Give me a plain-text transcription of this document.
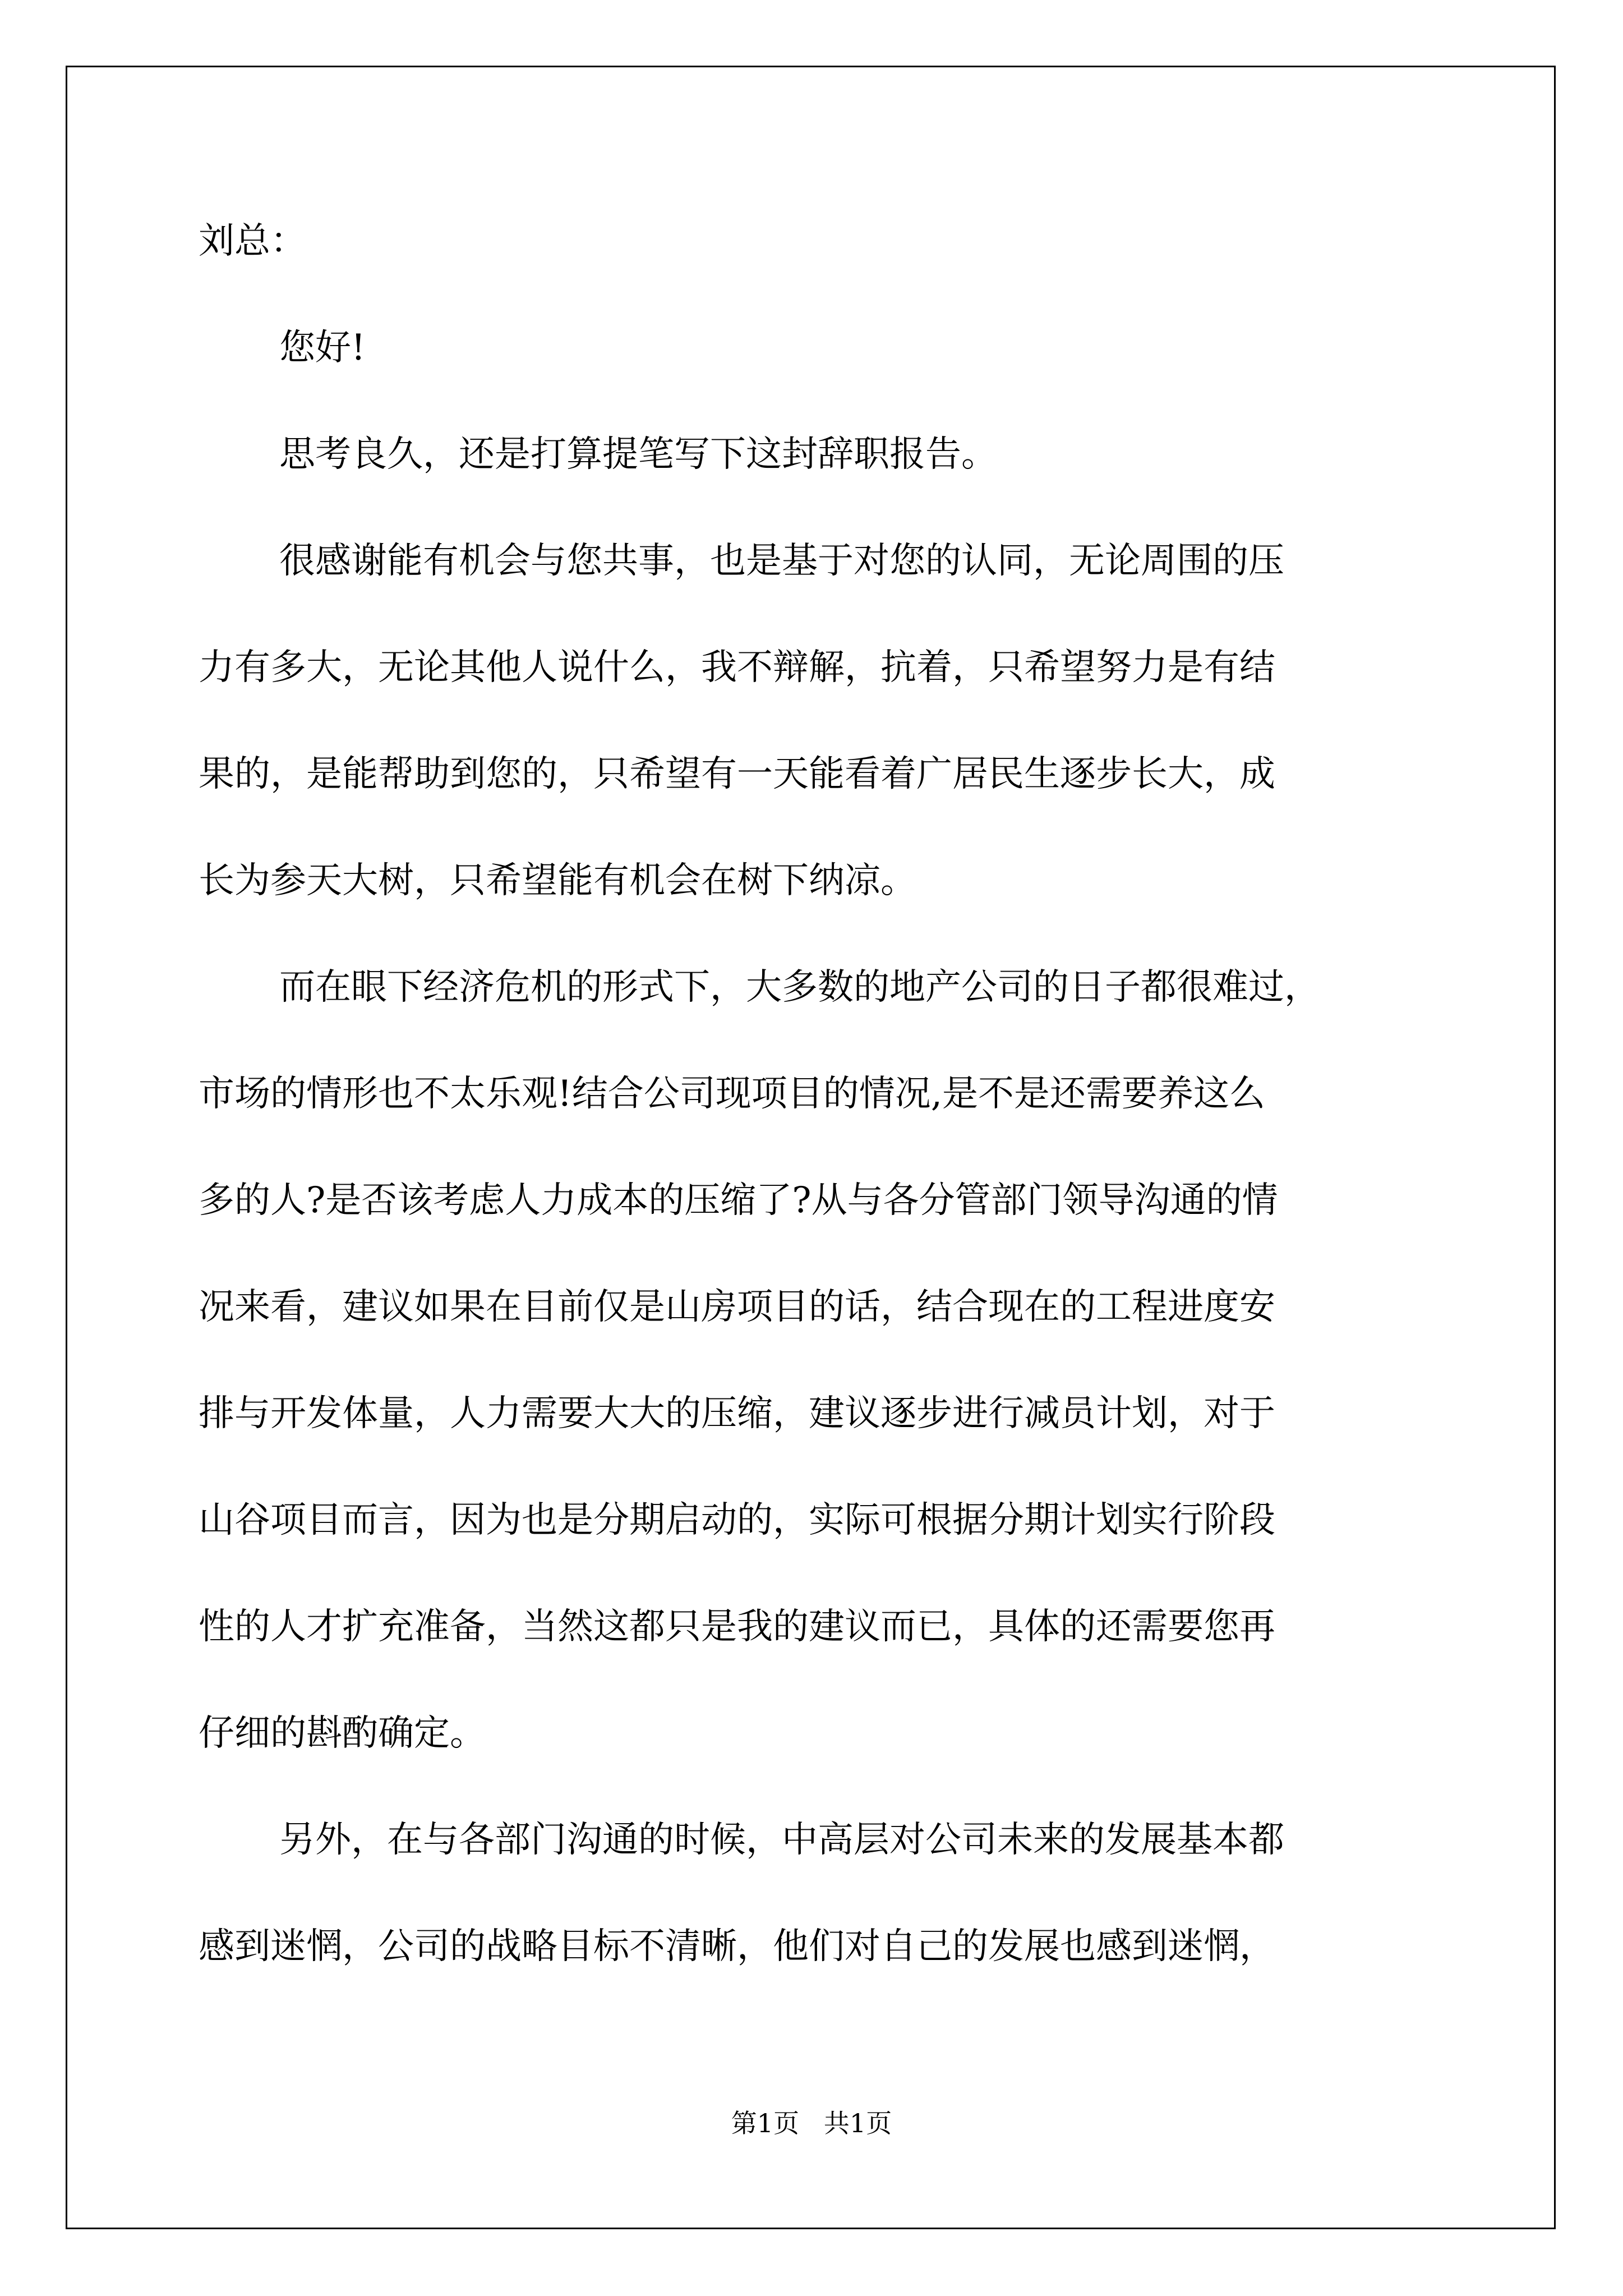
刘总：

您好!

思考良久，还是打算提笔写下这封辞职报告。

很感谢能有机会与您共事，也是基于对您的认同，无论周围的压

力有多大，无论其他人说什么，我不辩解，抗着，只希望努力是有结

果的，是能帮助到您的，只希望有一天能看着广居民生逐步长大，成

长为参天大树，只希望能有机会在树下纳凉。

而在眼下经济危机的形式下，大多数的地产公司的日子都很难过，

市场的情形也不太乐观!结合公司现项目的情况,是不是还需要养这么

多的人?是否该考虑人力成本的压缩了?从与各分管部门领导沟通的情

况来看，建议如果在目前仅是山房项目的话，结合现在的工程进度安

排与开发体量，人力需要大大的压缩，建议逐步进行减员计划，对于

山谷项目而言，因为也是分期启动的，实际可根据分期计划实行阶段

性的人才扩充准备，当然这都只是我的建议而已，具体的还需要您再

仔细的斟酌确定。

另外，在与各部门沟通的时候，中高层对公司未来的发展基本都

感到迷惘，公司的战略目标不清晰，他们对自己的发展也感到迷惘，

第1页   共1页
